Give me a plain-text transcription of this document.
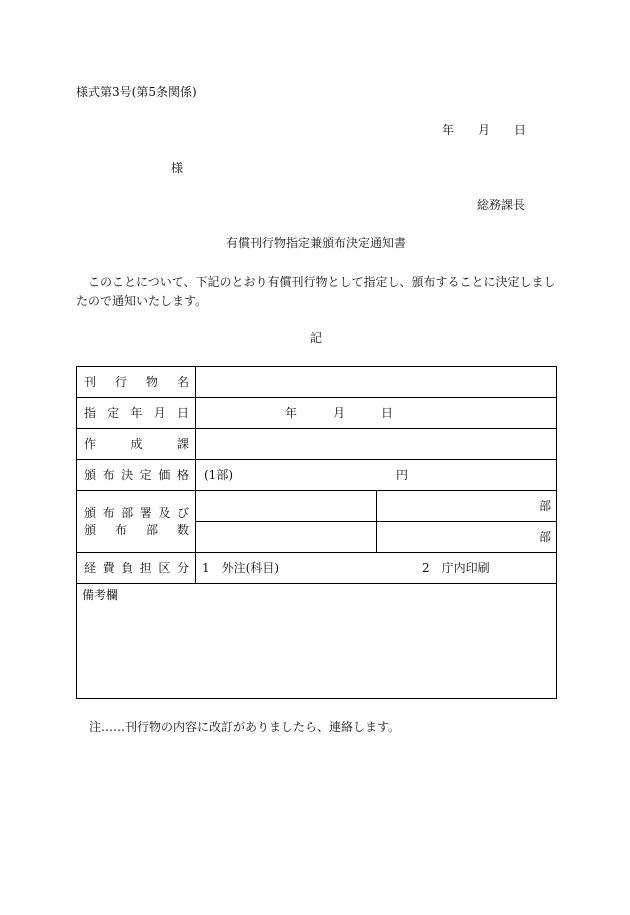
様式第3号(第5条関係)
年　　月　　日
様
総務課長
有償刊行物指定兼頒布決定通知書
このことについて、下記のとおり有償刊行物として指定し、頒布することに決定しまし
たので通知いたします。
記
刊行物名		

指定年月日	年　　　月　　　日	

作成課		

頒布決定価格	(1部) 円	

頒布部署及び
頒布部数		部
		部

経費負担区分	1　外注(科目) 2　庁内印刷	

備考欄		
注……刊行物の内容に改訂がありましたら、連絡します。
